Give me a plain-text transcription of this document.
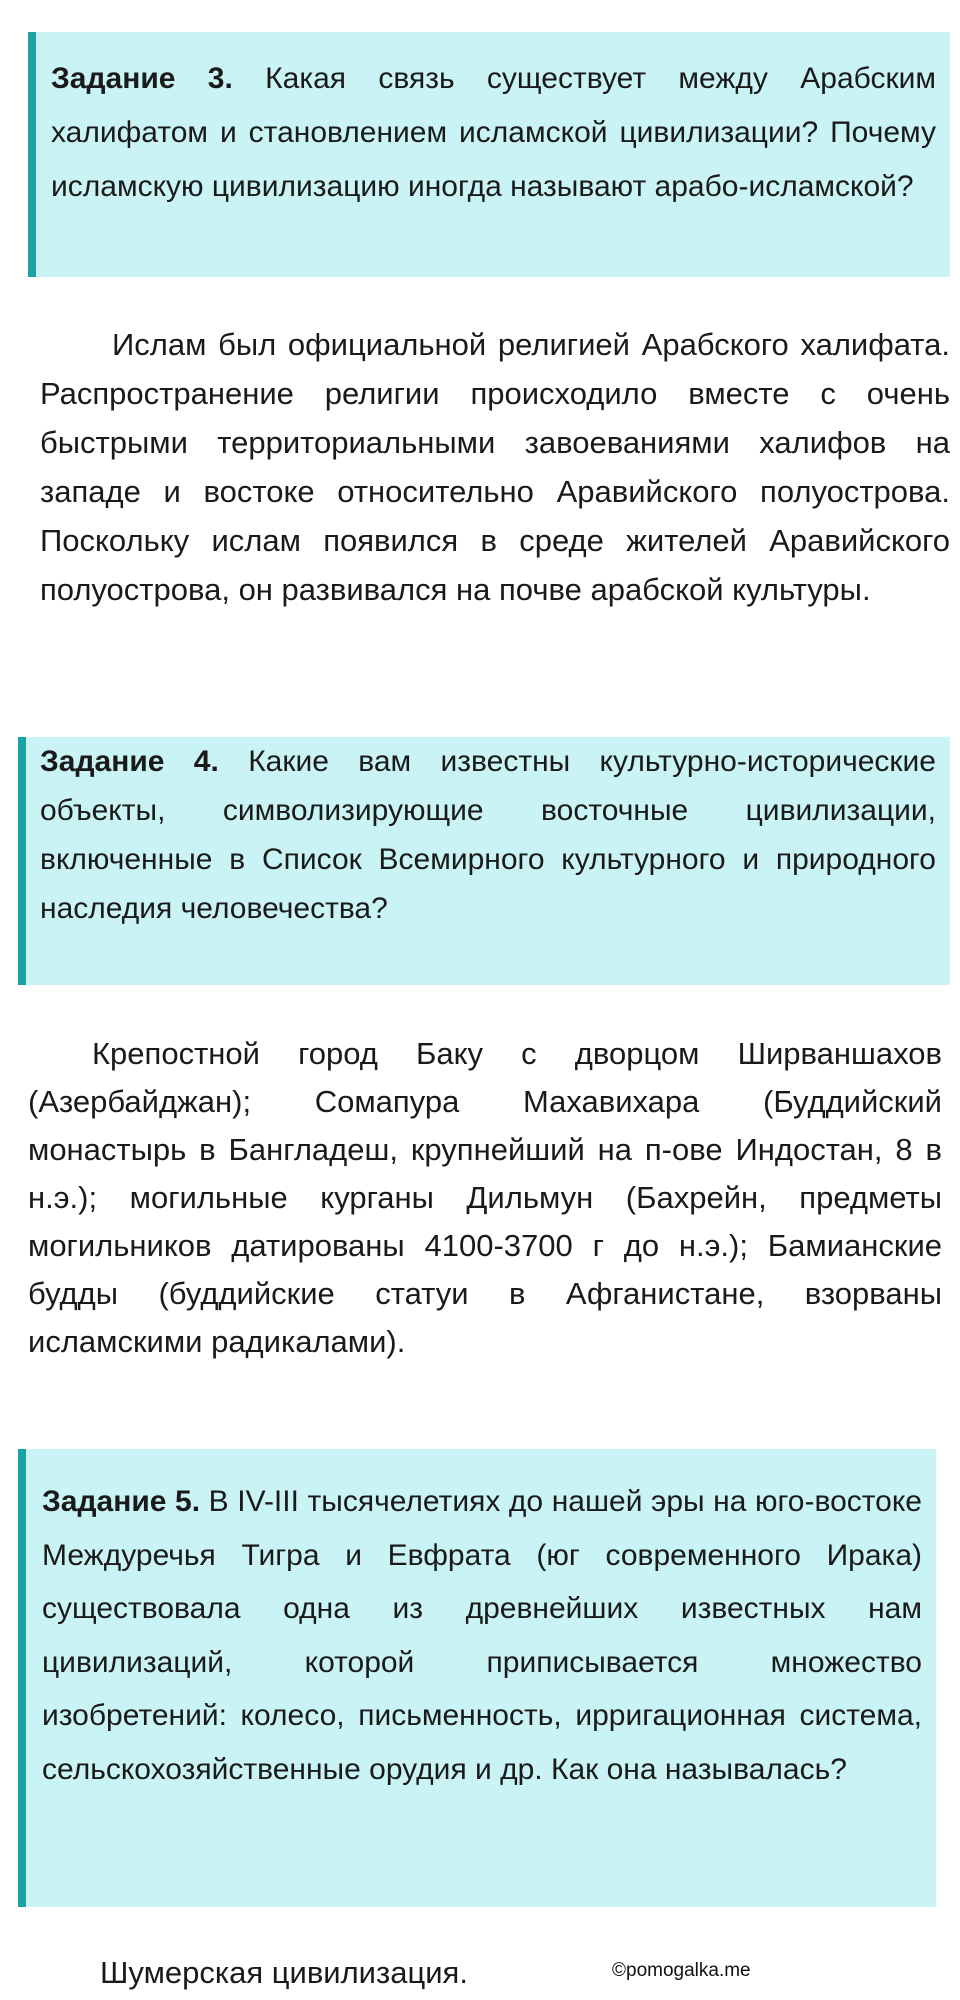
Задание 3. Какая связь существует между Арабским халифатом и становлением исламской цивилизации? Почему исламскую цивилизацию иногда называют арабо-исламской?

Ислам был официальной религией Арабского халифата. Распространение религии происходило вместе с очень быстрыми территориальными завоеваниями халифов на западе и востоке относительно Аравийского полуострова. Поскольку ислам появился в среде жителей Аравийского полуострова, он развивался на почве арабской культуры.

Задание 4. Какие вам известны культурно-исторические объекты, символизирующие восточные цивилизации, включенные в Список Всемирного культурного и природного наследия человечества?

Крепостной город Баку с дворцом Ширваншахов (Азербайджан); Сомапура Махавихара (Буддийский монастырь в Бангладеш, крупнейший на п-ове Индостан, 8 в н.э.); могильные курганы Дильмун (Бахрейн, предметы могильников датированы 4100-3700 г до н.э.); Бамианские будды (буддийские статуи в Афганистане, взорваны исламскими радикалами).

Задание 5. В IV-III тысячелетиях до нашей эры на юго-востоке Междуречья Тигра и Евфрата (юг современного Ирака) существовала одна из древнейших известных нам цивилизаций, которой приписывается множество изобретений: колесо, письменность, ирригационная система, сельскохозяйственные орудия и др. Как она называлась?
Шумерская цивилизация.	©pomogalka.me
